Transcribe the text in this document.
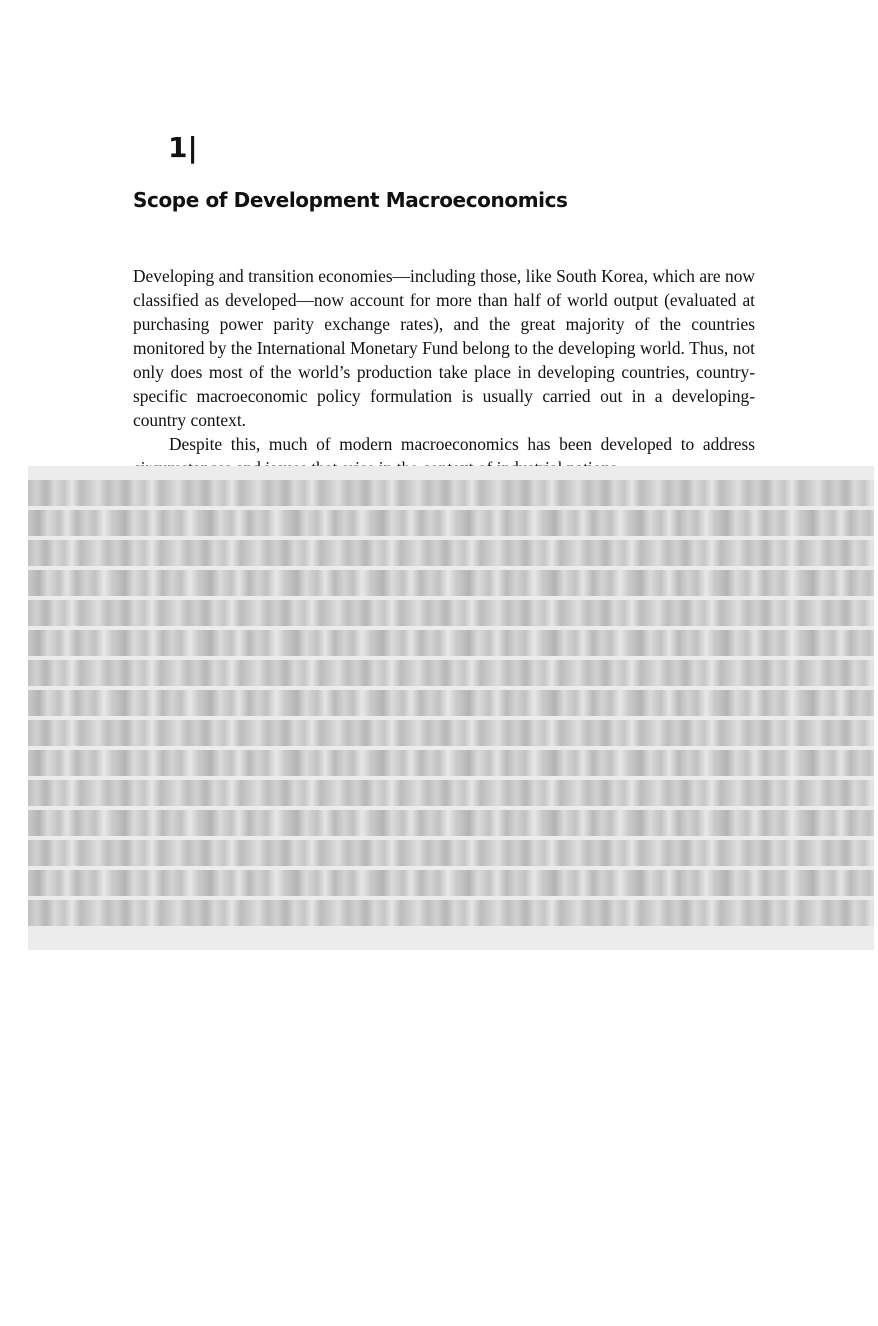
1|
Scope of Development Macroeconomics

Developing and transition economies—including those, like South Korea, which are now classified as developed—now account for more than half of world output (evaluated at purchasing power parity exchange rates), and the great majority of the countries monitored by the International Monetary Fund belong to the developing world. Thus, not only does most of the world’s production take place in developing countries, country-specific macroeconomic policy formulation is usually carried out in a developing-country context.

Despite this, much of modern macroeconomics has been developed to address
